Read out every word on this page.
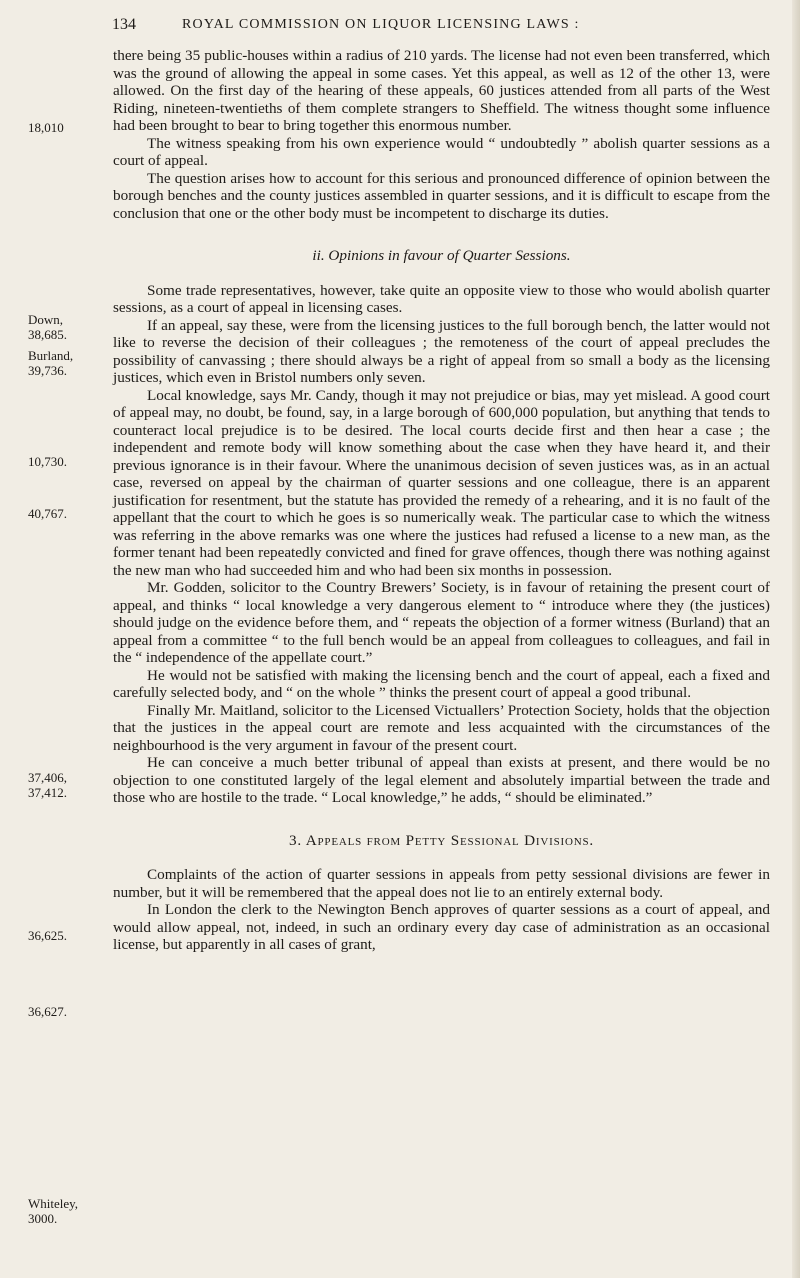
134	ROYAL COMMISSION ON LIQUOR LICENSING LAWS :
18,010
Down,
38,685.
Burland,
39,736.
10,730.
40,767.
37,406,
37,412.
36,625.
36,627.
Whiteley,
3000.

there being 35 public-houses within a radius of 210 yards. The license had not even been transferred, which was the ground of allowing the appeal in some cases. Yet this appeal, as well as 12 of the other 13, were allowed. On the first day of the hearing of these appeals, 60 justices attended from all parts of the West Riding, nineteen-twentieths of them complete strangers to Sheffield. The witness thought some influence had been brought to bear to bring together this enormous number.

The witness speaking from his own experience would “ undoubtedly ” abolish quarter sessions as a court of appeal.

The question arises how to account for this serious and pronounced difference of opinion between the borough benches and the county justices assembled in quarter sessions, and it is difficult to escape from the conclusion that one or the other body must be incompetent to discharge its duties.

ii. Opinions in favour of Quarter Sessions.

Some trade representatives, however, take quite an opposite view to those who would abolish quarter sessions, as a court of appeal in licensing cases.

If an appeal, say these, were from the licensing justices to the full borough bench, the latter would not like to reverse the decision of their colleagues ; the remoteness of the court of appeal precludes the possibility of canvassing ; there should always be a right of appeal from so small a body as the licensing justices, which even in Bristol numbers only seven.

Local knowledge, says Mr. Candy, though it may not prejudice or bias, may yet mislead. A good court of appeal may, no doubt, be found, say, in a large borough of 600,000 population, but anything that tends to counteract local prejudice is to be desired. The local courts decide first and then hear a case ; the independent and remote body will know something about the case when they have heard it, and their previous ignorance is in their favour. Where the unanimous decision of seven justices was, as in an actual case, reversed on appeal by the chairman of quarter sessions and one colleague, there is an apparent justification for resentment, but the statute has provided the remedy of a rehearing, and it is no fault of the appellant that the court to which he goes is so numerically weak. The particular case to which the witness was referring in the above remarks was one where the justices had refused a license to a new man, as the former tenant had been repeatedly convicted and fined for grave offences, though there was nothing against the new man who had succeeded him and who had been six months in possession.

Mr. Godden, solicitor to the Country Brewers’ Society, is in favour of retaining the present court of appeal, and thinks “ local knowledge a very dangerous element to “ introduce where they (the justices) should judge on the evidence before them, and “ repeats the objection of a former witness (Burland) that an appeal from a committee “ to the full bench would be an appeal from colleagues to colleagues, and fail in the “ independence of the appellate court.”

He would not be satisfied with making the licensing bench and the court of appeal, each a fixed and carefully selected body, and “ on the whole ” thinks the present court of appeal a good tribunal.

Finally Mr. Maitland, solicitor to the Licensed Victuallers’ Protection Society, holds that the objection that the justices in the appeal court are remote and less acquainted with the circumstances of the neighbourhood is the very argument in favour of the present court.

He can conceive a much better tribunal of appeal than exists at present, and there would be no objection to one constituted largely of the legal element and absolutely impartial between the trade and those who are hostile to the trade. “ Local knowledge,” he adds, “ should be eliminated.”

3. Appeals from Petty Sessional Divisions.

Complaints of the action of quarter sessions in appeals from petty sessional divisions are fewer in number, but it will be remembered that the appeal does not lie to an entirely external body.

In London the clerk to the Newington Bench approves of quarter sessions as a court of appeal, and would allow appeal, not, indeed, in such an ordinary every day case of administration as an occasional license, but apparently in all cases of grant,
